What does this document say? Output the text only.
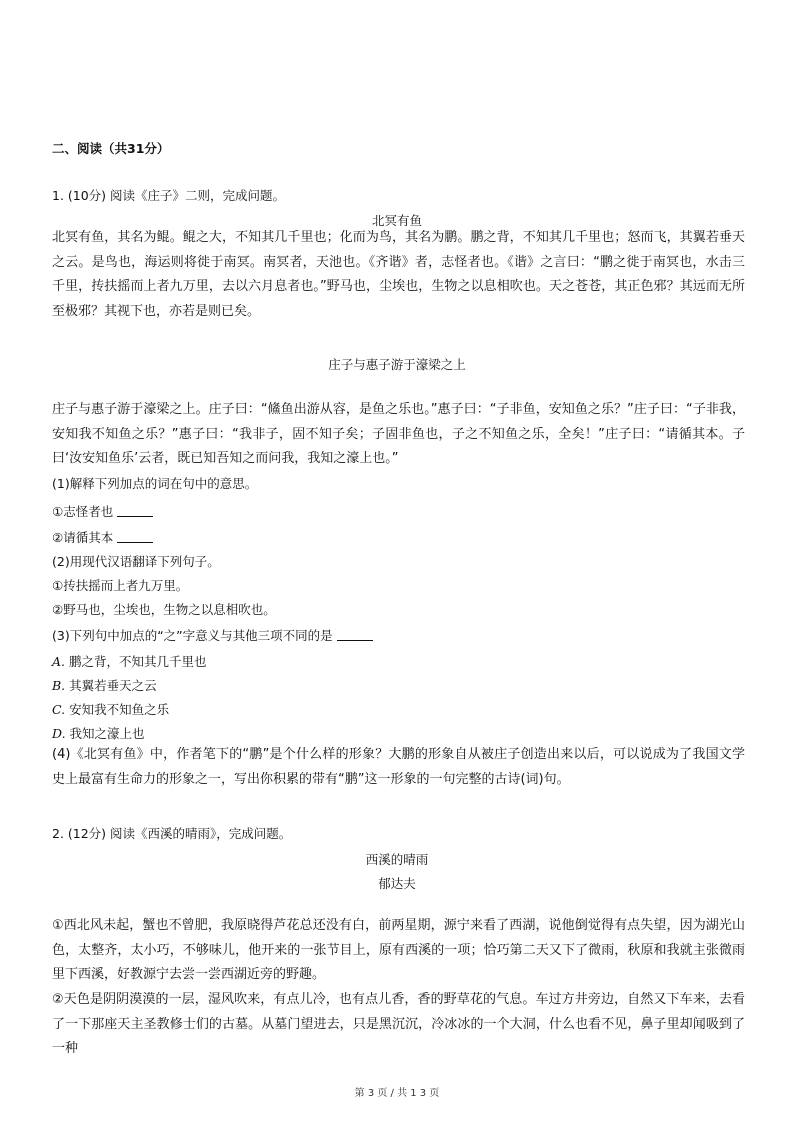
二、阅读（共31分）
1. (10分) 阅读《庄子》二则，完成问题。
北冥有鱼
北冥有鱼，其名为鲲。鲲之大，不知其几千里也；化而为鸟，其名为鹏。鹏之背，不知其几千里也；怒而飞，其翼若垂天之云。是鸟也，海运则将徙于南冥。南冥者，天池也。《齐谐》者，志怪者也。《谐》之言曰：“鹏之徙于南冥也，水击三千里，抟扶摇而上者九万里，去以六月息者也。”野马也，尘埃也，生物之以息相吹也。天之苍苍，其正色邪？其远而无所至极邪？其视下也，亦若是则已矣。
庄子与惠子游于濠梁之上
庄子与惠子游于濠梁之上。庄子曰：“鯈鱼出游从容，是鱼之乐也。”惠子曰：“子非鱼，安知鱼之乐？”庄子曰：“子非我，安知我不知鱼之乐？”惠子曰：“我非子，固不知子矣；子固非鱼也，子之不知鱼之乐，全矣！”庄子曰：“请循其本。子曰‘汝安知鱼乐’云者，既已知吾知之而问我，我知之濠上也。”
(1)解释下列加点的词在句中的意思。
①志怪者也
②请循其本
(2)用现代汉语翻译下列句子。
①抟扶摇而上者九万里。
②野马也，尘埃也，生物之以息相吹也。
(3)下列句中加点的“之”字意义与其他三项不同的是
A. 鹏之背，不知其几千里也
B. 其翼若垂天之云
C. 安知我不知鱼之乐
D. 我知之濠上也
(4)《北冥有鱼》中，作者笔下的“鹏”是个什么样的形象？大鹏的形象自从被庄子创造出来以后，可以说成为了我国文学史上最富有生命力的形象之一，写出你积累的带有“鹏”这一形象的一句完整的古诗(词)句。
2. (12分) 阅读《西溪的晴雨》，完成问题。
西溪的晴雨
郁达夫
①西北风未起，蟹也不曾肥，我原晓得芦花总还没有白，前两星期，源宁来看了西湖，说他倒觉得有点失望，因为湖光山色，太整齐，太小巧，不够味儿，他开来的一张节目上，原有西溪的一项；恰巧第二天又下了微雨，秋原和我就主张微雨里下西溪，好教源宁去尝一尝西湖近旁的野趣。
②天色是阴阴漠漠的一层，湿风吹来，有点儿冷，也有点儿香，香的野草花的气息。车过方井旁边，自然又下车来，去看了一下那座天主圣教修士们的古墓。从墓门望进去，只是黑沉沉，冷冰冰的一个大洞，什么也看不见，鼻子里却闻吸到了一种
第 3 页 / 共 1 3 页
